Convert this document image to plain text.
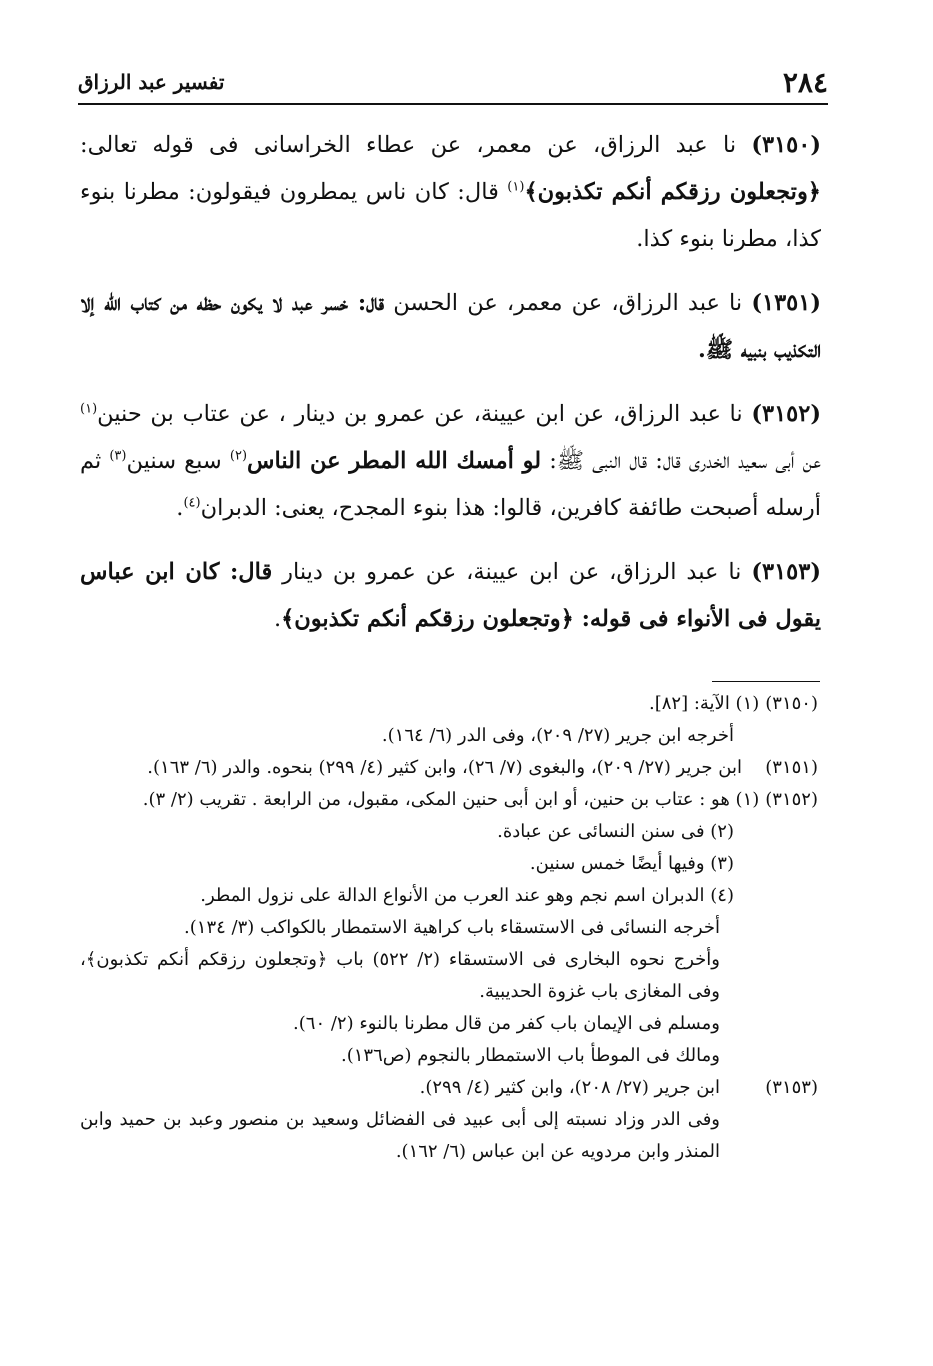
٢٨٤
تفسير عبد الرزاق

(٣١٥٠) نا عبد الرزاق، عن معمر، عن عطاء الخراسانى فى قوله تعالى: ﴿وتجعلون رزقكم أنكم تكذبون﴾$^{(١)}$ قال: كان ناس يمطرون فيقولون: مطرنا بنوء كذا، مطرنا بنوء كذا.

(١٣٥١) نا عبد الرزاق، عن معمر، عن الحسن قال: خسر عبد لا يكون حظه من كتاب الله إلا التكذيب بنبيه ﷺ.

(٣١٥٢) نا عبد الرزاق، عن ابن عيينة، عن عمرو بن دينار ، عن عتاب بن حنين$^{(١)}$ عن أبى سعيد الخدرى قال: قال النبى ﷺ: لو أمسك الله المطر عن الناس$^{(٢)}$ سبع سنين$^{(٣)}$ ثم أرسله أصبحت طائفة كافرين، قالوا: هذا بنوء المجدح، يعنى: الدبران$^{(٤)}$.

(٣١٥٣) نا عبد الرزاق، عن ابن عيينة، عن عمرو بن دينار قال: كان ابن عباس يقول فى الأنواء فى قوله: ﴿وتجعلون رزقكم أنكم تكذبون﴾.

(٣١٥٠)
(١) الآية: [٨٢].
أخرجه ابن جرير (٢٧/ ٢٠٩)، وفى الدر (٦/ ١٦٤).
(٣١٥١)
ابن جرير (٢٧/ ٢٠٩)، والبغوى (٧/ ٢٦)، وابن كثير (٤/ ٢٩٩) بنحوه. والدر (٦/ ١٦٣).
(٣١٥٢)
(١) هو : عتاب بن حنين، أو ابن أبى حنين المكى، مقبول، من الرابعة . تقريب (٢/ ٣).
(٢) فى سنن النسائى عن عبادة.
(٣) وفيها أيضًا خمس سنين.
(٤) الدبران اسم نجم وهو عند العرب من الأنواع الدالة على نزول المطر.
أخرجه النسائى فى الاستسقاء باب كراهية الاستمطار بالكواكب (٣/ ١٣٤).
وأخرج نحوه البخارى فى الاستسقاء (٢/ ٥٢٢) باب ﴿وتجعلون رزقكم أنكم تكذبون﴾، وفى المغازى باب غزوة الحديبية.
ومسلم فى الإيمان باب كفر من قال مطرنا بالنوء (٢/ ٦٠).
ومالك فى الموطأ باب الاستمطار بالنجوم (ص١٣٦).
(٣١٥٣)
ابن جرير (٢٧/ ٢٠٨)، وابن كثير (٤/ ٢٩٩).
وفى الدر وزاد نسبته إلى أبى عبيد فى الفضائل وسعيد بن منصور وعبد بن حميد وابن المنذر وابن مردويه عن ابن عباس (٦/ ١٦٢).
